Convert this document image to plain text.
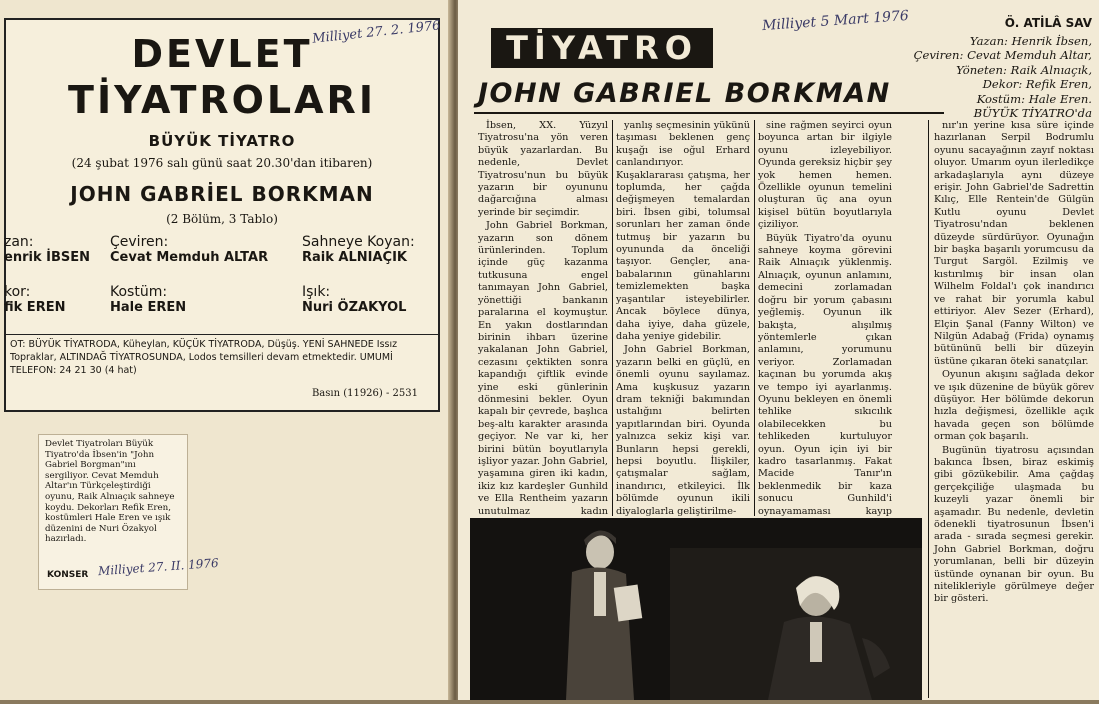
DEVLET
TİYATROLARI
BÜYÜK TİYATRO
(24 şubat 1976 salı günü saat 20.30'dan itibaren)
JOHN GABRİEL BORKMAN
(2 Bölüm, 3 Tablo)
zan:
enrik İBSEN
Çeviren:
Cevat Memduh ALTAR
Sahneye Koyan:
Raik ALNIAÇIK
kor:
fik EREN
Kostüm:
Hale EREN
Işık:
Nuri ÖZAKYOL
OT: BÜYÜK TİYATRODA, Küheylan, KÜÇÜK TİYATRODA, Düşüş. YENİ SAHNEDE Issız Topraklar, ALTINDAĞ TİYATROSUNDA, Lodos temsilleri devam etmektedir. UMUMİ TELEFON: 24 21 30 (4 hat)
Basın (11926) - 2531
Milliyet 27. 2. 1976
Devlet Tiyatroları Büyük Tiyatro'da İbsen'in "John Gabriel Borgman"ını sergiliyor. Cevat Memduh Altar'ın Türkçeleştirdiği oyunu, Raik Alnıaçık sahneye koydu. Dekorları Refik Eren, kostümleri Hale Eren ve ışık düzenini de Nuri Özakyol hazırladı.
KONSER Milliyet 27. II. 1976
Milliyet 5 Mart 1976
TİYATRO
JOHN GABRIEL BORKMAN
Ö. ATİLÂ SAV
Yazan: Henrik İbsen,
Çeviren: Cevat Memduh Altar,
Yöneten: Raik Alnıaçık,
Dekor: Refik Eren,
Kostüm: Hale Eren.
BÜYÜK TİYATRO'da

İbsen, XX. Yüzyıl Tiyatrosu'na yön veren büyük yazarlardan. Bu nedenle, Devlet Tiyatrosu'nun bu büyük yazarın bir oyununu dağarcığına alması yerinde bir seçimdir.

John Gabriel Borkman, yazarın son dönem ürünlerinden. Toplum içinde güç kazanma tutkusuna engel tanımayan John Gabriel, yönettiği bankanın paralarına el koymuştur. En yakın dostlarından birinin ihbarı üzerine yakalanan John Gabriel, cezasını çektikten sonra kapandığı çiftlik evinde yine eski günlerinin dönmesini bekler. Oyun kapalı bir çevrede, başlıca beş-altı karakter arasında geçiyor. Ne var ki, her birini bütün boyutlarıyla işliyor yazar. John Gabriel, yaşamına giren iki kadın, ikiz kız kardeşler Gunhild ve Ella Rentheim yazarın unutulmaz kadın

yanlış seçmesinin yükünü taşıması beklenen genç kuşağı ise oğul Erhard canlandırıyor. Kuşaklararası çatışma, her toplumda, her çağda değişmeyen temalardan biri. İbsen gibi, tolumsal sorunları her zaman önde tutmuş bir yazarın bu oyununda da önceliği taşıyor. Gençler, ana-babalarının günahlarını temizlemekten başka yaşantılar isteyebilirler. Ancak böylece dünya, daha iyiye, daha güzele, daha yeniye gidebilir.

John Gabriel Borkman, yazarın belki en güçlü, en önemli oyunu sayılamaz. Ama kuşkusuz yazarın dram tekniği bakımından ustalığını belirten yapıtlarından biri. Oyunda yalnızca sekiz kişi var. Bunların hepsi gerekli, hepsi boyutlu. İlişkiler, çatışmalar sağlam, inandırıcı, etkileyici. İlk bölümde oyunun ikili diyaloglarla geliştirilme-

sine rağmen seyirci oyun boyunca artan bir ilgiyle oyunu izleyebiliyor. Oyunda gereksiz hiçbir şey yok hemen hemen. Özellikle oyunun temelini oluşturan üç ana oyun kişisel bütün boyutlarıyla çiziliyor.

Büyük Tiyatro'da oyunu sahneye koyma görevini Raik Alnıaçık yüklenmiş. Alnıaçık, oyunun anlamını, demecini zorlamadan doğru bir yorum çabasını yeğlemiş. Oyunun ilk bakışta, alışılmış yöntemlerle çıkan anlamını, yorumunu veriyor. Zorlamadan kaçınan bu yorumda akış ve tempo iyi ayarlanmış. Oyunu bekleyen en önemli tehlike sıkıcılık olabilecekken bu tehlikeden kurtuluyor oyun. Oyun için iyi bir kadro tasarlanmış. Fakat Macide Tanır'ın beklenmedik bir kaza sonucu Gunhild'i oynayamaması kayıp

nır'ın yerine kısa süre içinde hazırlanan Serpil Bodrumlu oyunu sacayağının zayıf noktası oluyor. Umarım oyun ilerledikçe arkadaşlarıyla aynı düzeye erişir. John Gabriel'de Sadrettin Kılıç, Elle Rentein'de Gülgün Kutlu oyunu Devlet Tiyatrosu'ndan beklenen düzeyde sürdürüyor. Oyunağın bir başka başarılı yorumcusu da Turgut Sargöl. Ezilmiş ve kıstırılmış bir insan olan Wilhelm Foldal'ı çok inandırıcı ve rahat bir yorumla kabul ettiriyor. Alev Sezer (Erhard), Elçin Şanal (Fanny Wilton) ve Nilgün Adabağ (Frida) oynamış bütününü belli bir düzeyin üstüne çıkaran öteki sanatçılar.

Oyunun akışını sağlada dekor ve ışık düzenine de büyük görev düşüyor. Her bölümde dekorun hızla değişmesi, özellikle açık havada geçen son bölümde orman çok başarılı.

Bugünün tiyatrosu açısından bakınca İbsen, biraz eskimiş gibi gözükebilir. Ama çağdaş gerçekçiliğe ulaşmada bu kuzeyli yazar önemli bir aşamadır. Bu nedenle, devletin ödenekli tiyatrosunun İbsen'i arada - sırada seçmesi gerekir. John Gabriel Borkman, doğru yorumlanan, belli bir düzeyin üstünde oynanan bir oyun. Bu nitelikleriyle görülmeye değer bir gösteri.
